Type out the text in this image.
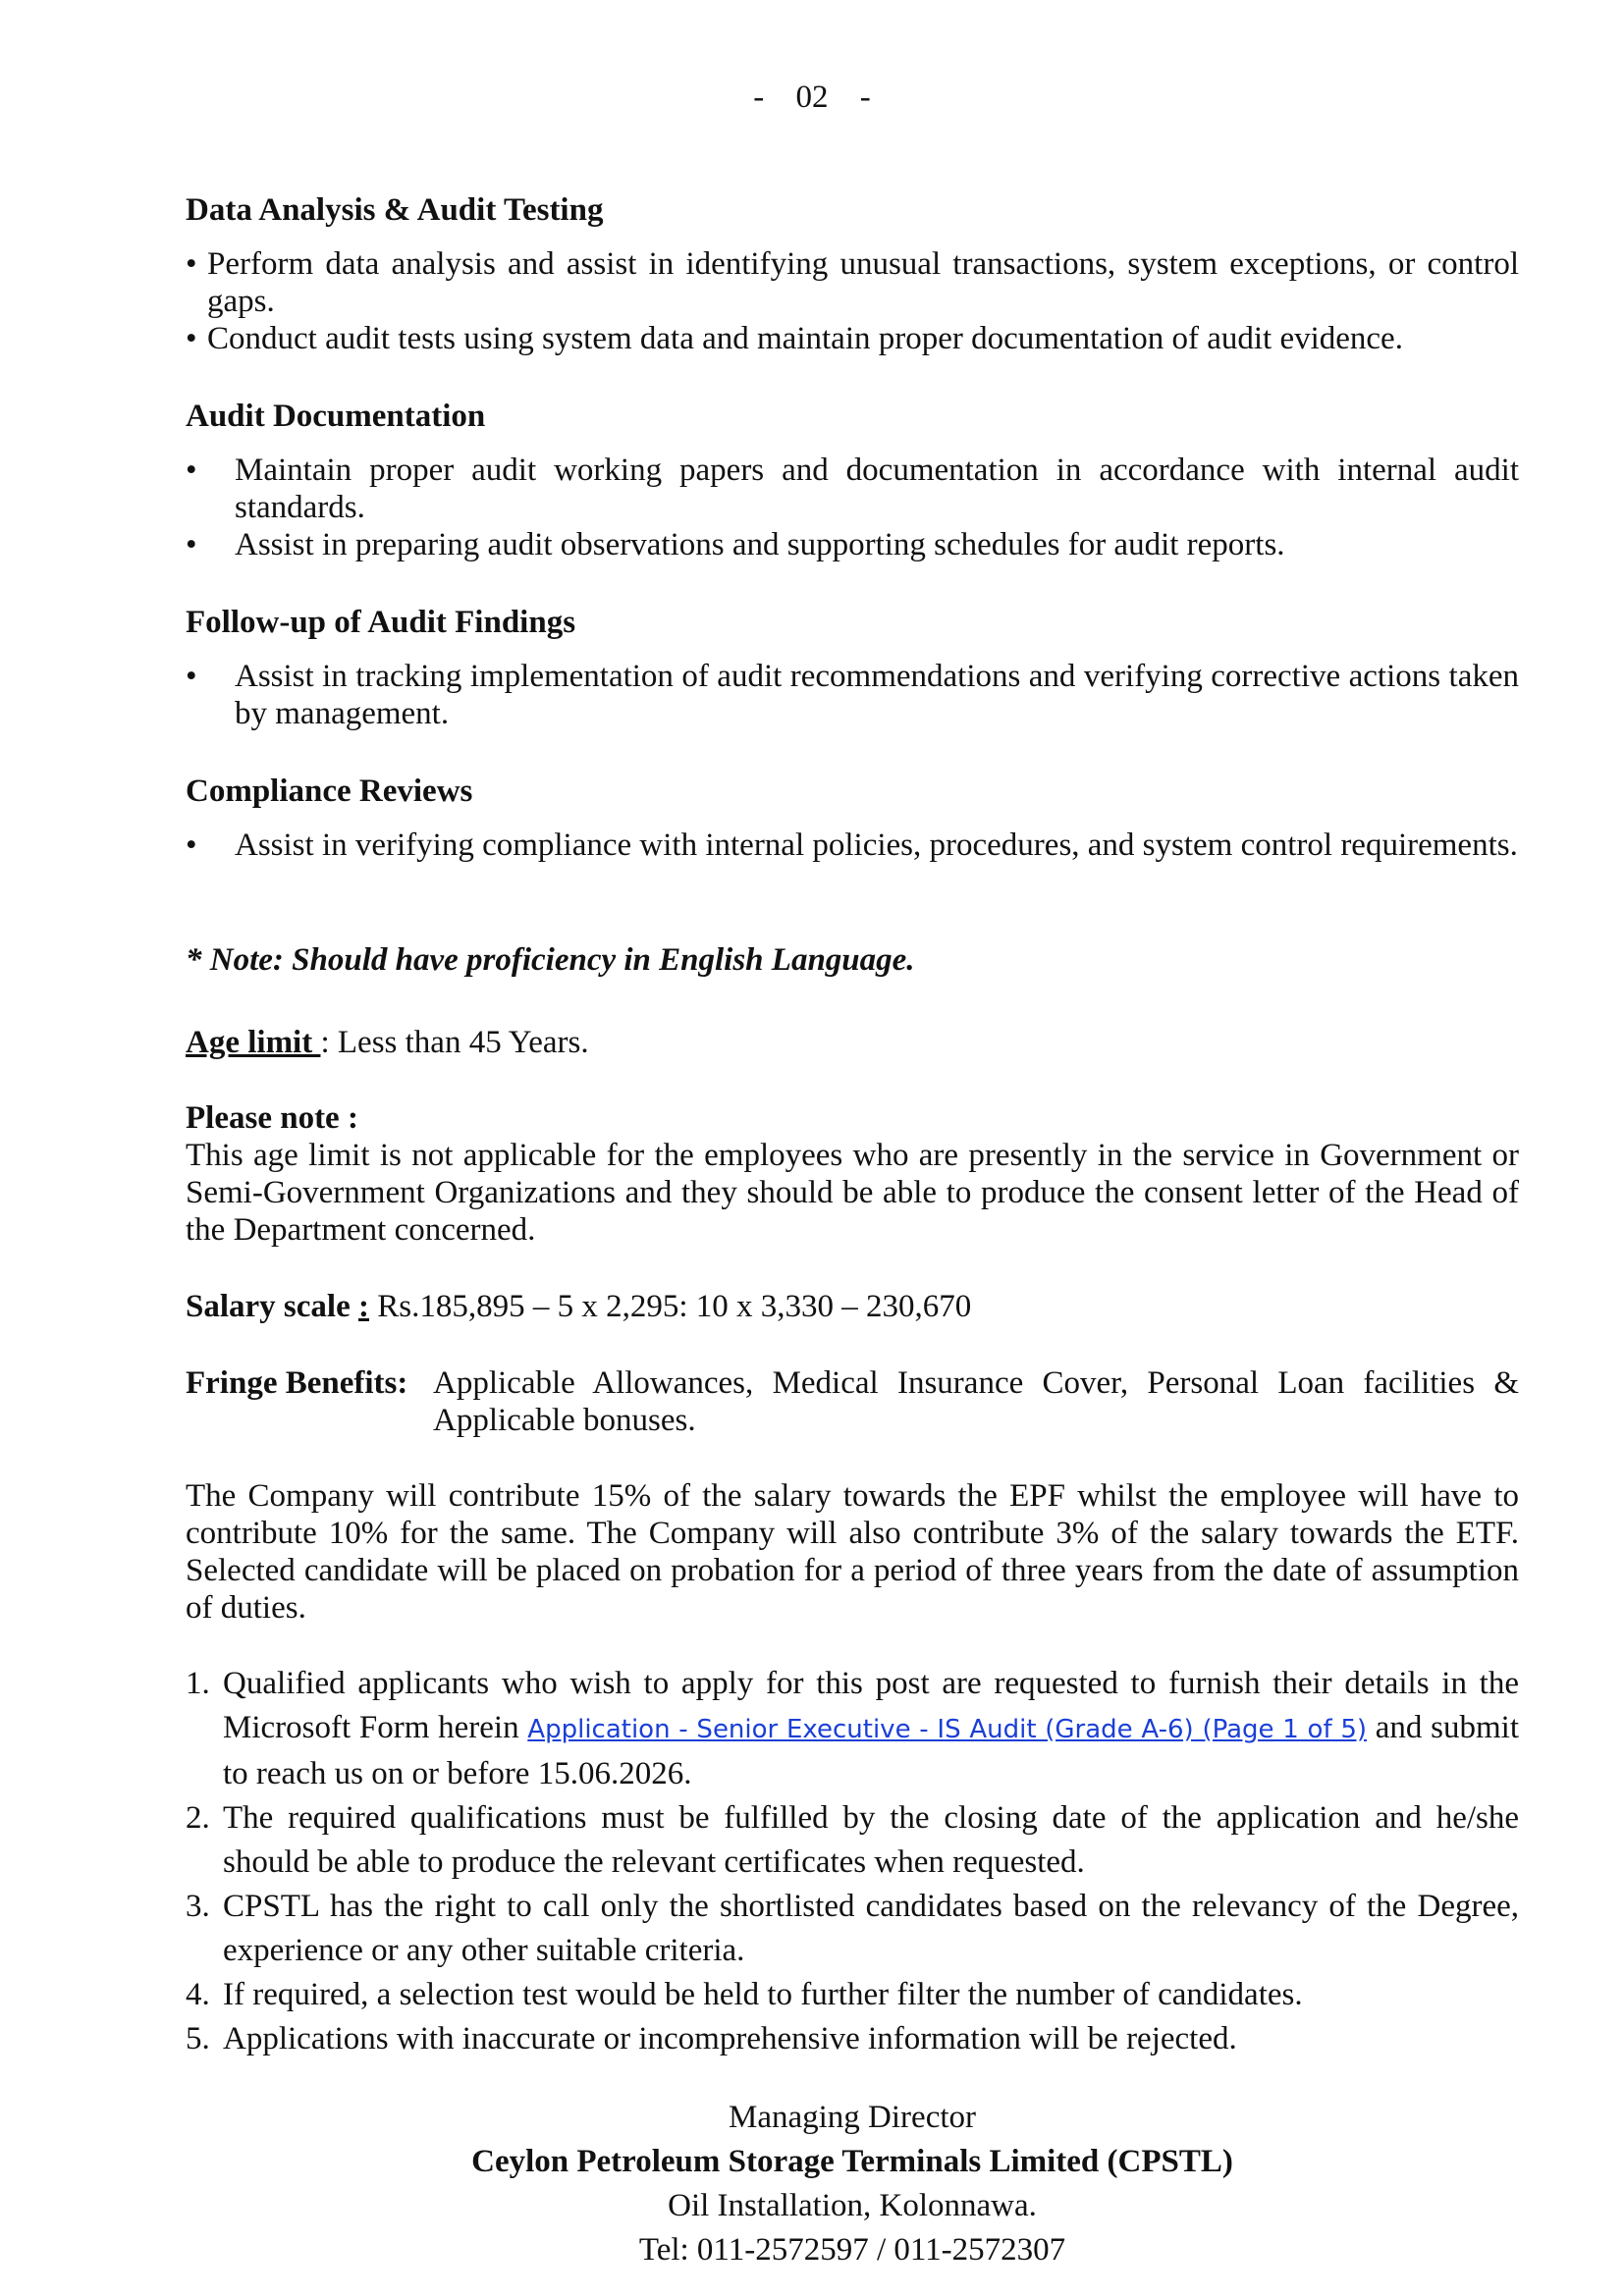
- 02 -

Data Analysis & Audit Testing

• Perform data analysis and assist in identifying unusual transactions, system exceptions, or control gaps.
• Conduct audit tests using system data and maintain proper documentation of audit evidence.

Audit Documentation

•	Maintain proper audit working papers and documentation in accordance with internal audit standards.
•	Assist in preparing audit observations and supporting schedules for audit reports.

Follow-up of Audit Findings

•	Assist in tracking implementation of audit recommendations and verifying corrective actions taken by management.

Compliance Reviews

•	Assist in verifying compliance with internal policies, procedures, and system control requirements.
* Note: Should have proficiency in English Language.
Age limit : Less than 45 Years.

Please note :

This age limit is not applicable for the employees who are presently in the service in Government or Semi-Government Organizations and they should be able to produce the consent letter of the Head of the Department concerned.

Salary scale : Rs.185,895 – 5 x 2,295: 10 x 3,330 – 230,670
Fringe Benefits: Applicable Allowances, Medical Insurance Cover, Personal Loan facilities &
Applicable bonuses.

The Company will contribute 15% of the salary towards the EPF whilst the employee will have to contribute 10% for the same. The Company will also contribute 3% of the salary towards the ETF. Selected candidate will be placed on probation for a period of three years from the date of assumption of duties.

1. Qualified applicants who wish to apply for this post are requested to furnish their details in the Microsoft Form herein Application - Senior Executive - IS Audit (Grade A-6) (Page 1 of 5) and submit to reach us on or before 15.06.2026.
2. The required qualifications must be fulfilled by the closing date of the application and he/she should be able to produce the relevant certificates when requested.
3. CPSTL has the right to call only the shortlisted candidates based on the relevancy of the Degree, experience or any other suitable criteria.
4. If required, a selection test would be held to further filter the number of candidates.
5. Applications with inaccurate or incomprehensive information will be rejected.
Managing Director
Ceylon Petroleum Storage Terminals Limited (CPSTL)
Oil Installation, Kolonnawa.
Tel: 011-2572597 / 011-2572307
